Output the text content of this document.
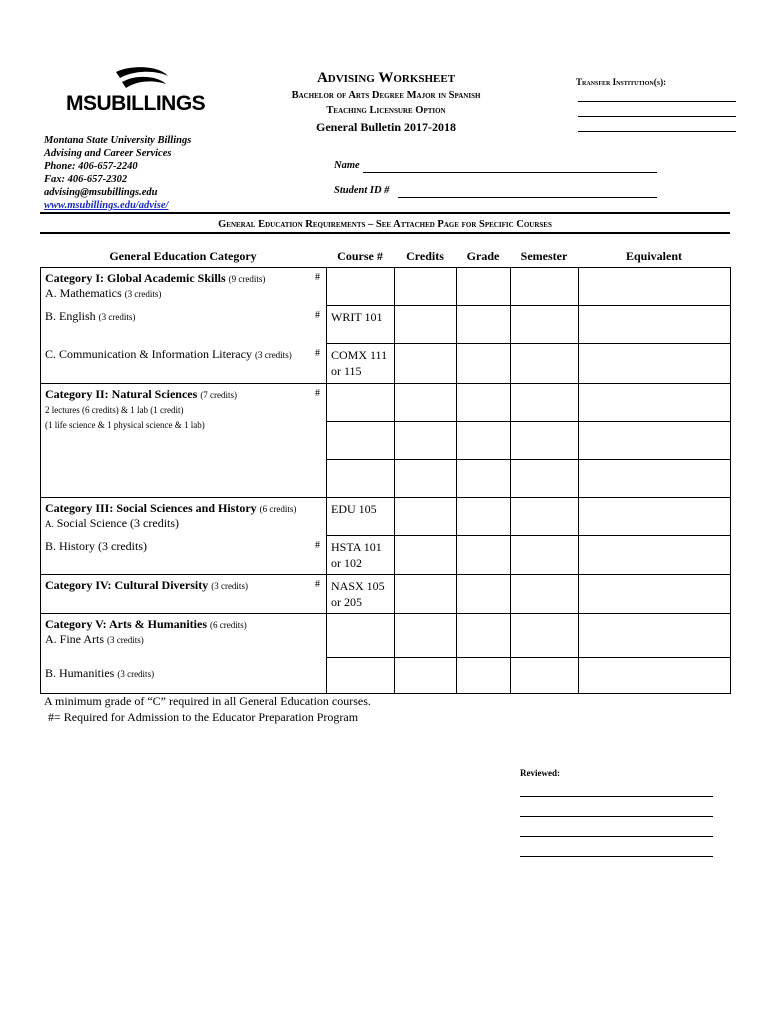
MSUBILLINGS
Advising Worksheet
Bachelor of Arts Degree Major in Spanish
Teaching Licensure Option
General Bulletin 2017-2018
Transfer Institution(s):
Montana State University Billings
Advising and Career Services
Phone: 406-657-2240
Fax: 406-657-2302
advising@msubillings.edu
www.msubillings.edu/advise/
Name
Student ID #
General Education Requirements – See Attached Page for Specific Courses
General Education Category	Course #	Credits	Grade	Semester	Equivalent
Category I: Global Academic Skills (9 credits) #

A. Mathematics (3 credits)					
B. English (3 credits) #	WRIT 101				
C. Communication & Information Literacy (3 credits) #	COMX 111 or 115				
Category II: Natural Sciences (7 credits) #

2 lectures (6 credits) & 1 lab (1 credit)
(1 life science & 1 physical science & 1 lab)					

Category III: Social Sciences and History (6 credits)
A. Social Science (3 credits)	EDU 105				
B. History (3 credits) #	HSTA 101 or 102				
Category IV: Cultural Diversity (3 credits) #	NASX 105 or 205				
Category V: Arts & Humanities (6 credits)
A. Fine Arts (3 credits)					
B. Humanities (3 credits)					
A minimum grade of “C” required in all General Education courses.
#= Required for Admission to the Educator Preparation Program
Reviewed:
